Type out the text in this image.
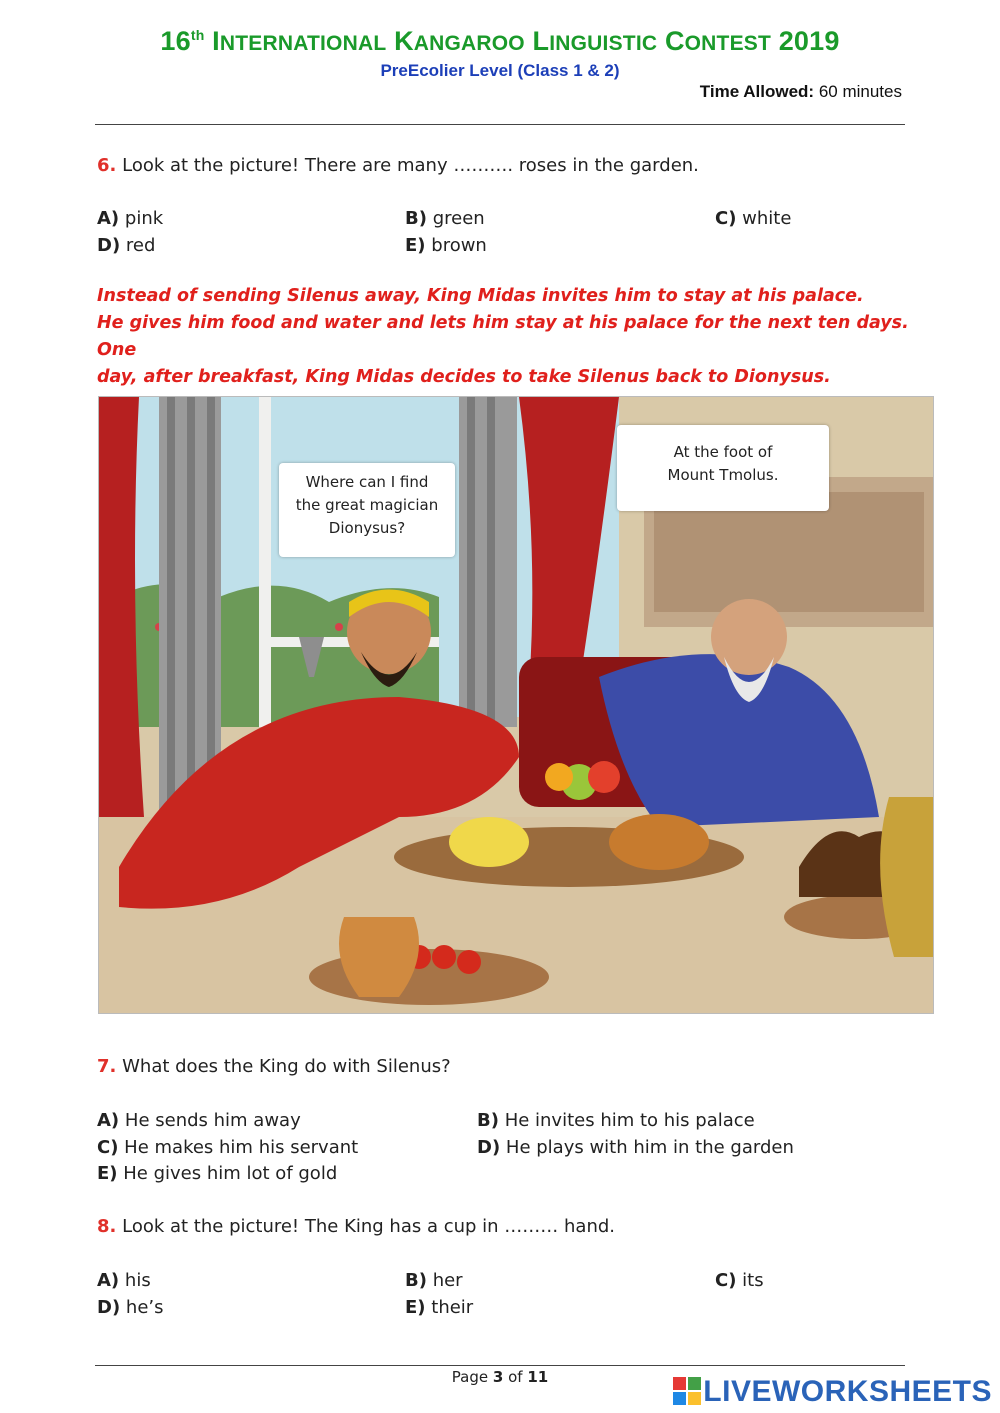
16th INTERNATIONAL KANGAROO LINGUISTIC CONTEST 2019
PreEcolier Level (Class 1 & 2)
Time Allowed: 60 minutes
6. Look at the picture! There are many ………. roses in the garden.
A) pink	B) green	C) white
D) red	E) brown
Instead of sending Silenus away, King Midas invites him to stay at his palace.
He gives him food and water and lets him stay at his palace for the next ten days. One
day, after breakfast, King Midas decides to take Silenus back to Dionysus.
Where can I find
the great magician
Dionysus?
At the foot of
Mount Tmolus.
7. What does the King do with Silenus?
A) He sends him away	B) He invites him to his palace
C) He makes him his servant	D) He plays with him in the garden
E) He gives him lot of gold
8. Look at the picture! The King has a cup in ……… hand.
A) his	B) her	C) its
D) he’s	E) their
Page 3 of 11	LIVEWORKSHEETS
